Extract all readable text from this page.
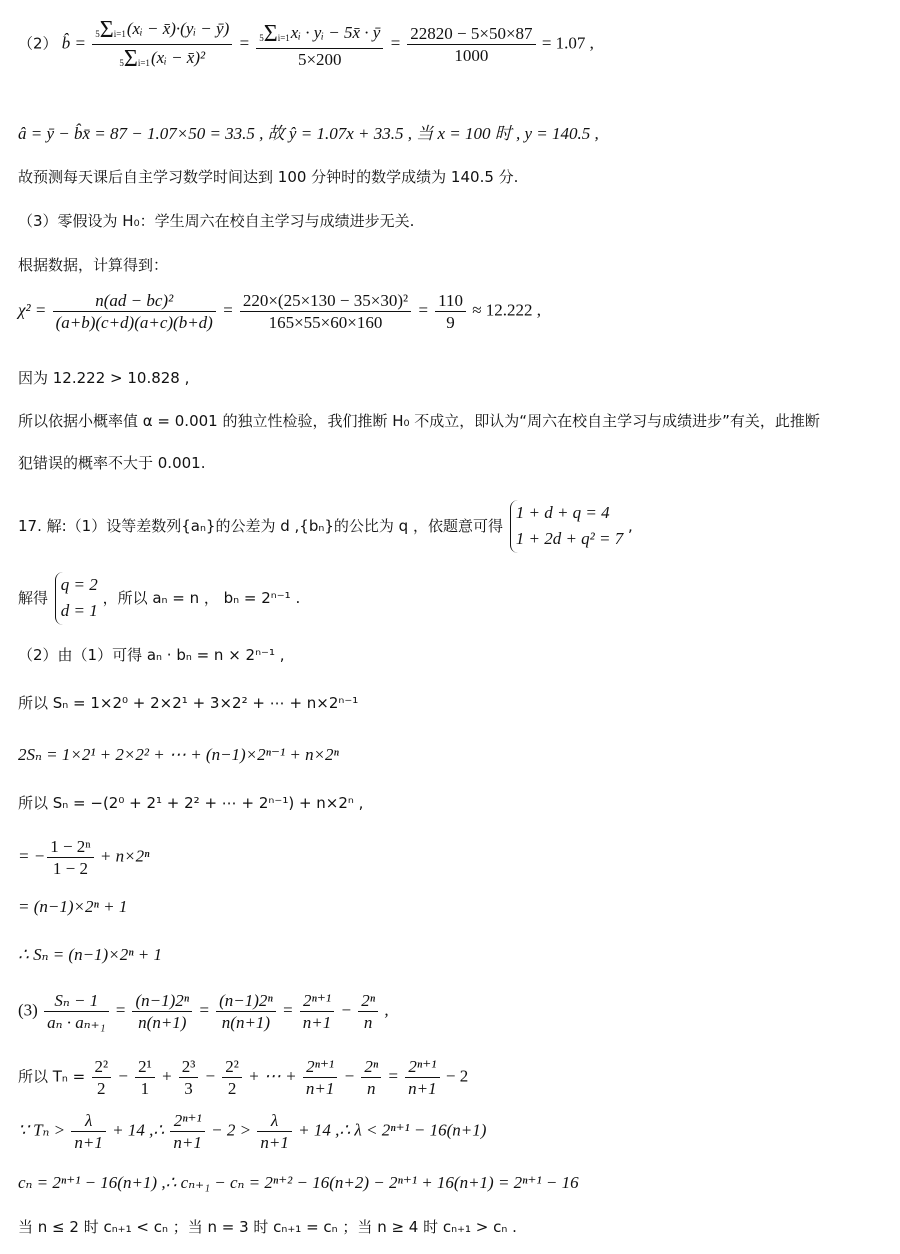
（2） b̂ = $\frac{\text{5Σi=1(xᵢ − x̄)·(yᵢ − ȳ)}}{\text{5Σi=1(xᵢ − x̄)²}} = \frac{\text{5Σi=1xᵢ · yᵢ − 5x̄ · ȳ}}{5\times 200} = \frac{22820 - 5\times 50\times 87}{1000} = 1.07$ ,
â = ȳ − b̂x̄ = 87 − 1.07×50 = 33.5 , 故 ŷ = 1.07x + 33.5 , 当 x = 100 时 , y = 140.5 ,
故预测每天课后自主学习数学时间达到 100 分钟时的数学成绩为 140.5 分.
（3）零假设为 H₀：学生周六在校自主学习与成绩进步无关.
根据数据，计算得到：
$\chi^2 = \frac{\text{n(ad − bc)²}}{(a+b)(c+d)(a+c)(b+d)} = \frac{\text{220×(25×130 − 35×30)²}}{165\times 55\times 60\times 160} = \frac{110}{9} \approx 12.222$ ,
因为 12.222 > 10.828 ,
所以依据小概率值 α = 0.001 的独立性检验，我们推断 H₀ 不成立，即认为“周六在校自主学习与成绩进步”有关，此推断
犯错误的概率不大于 0.001.
17. 解:（1）设等差数列{aₙ}的公差为 d ,{bₙ}的公比为 q ，依题意可得
1 + d + q = 4
1 + 2d + q² = 7
,
解得
q = 2
d = 1
，所以 aₙ = n ， bₙ = 2ⁿ⁻¹ .
（2）由（1）可得 aₙ · bₙ = n × 2ⁿ⁻¹ ,
所以 Sₙ = 1×2⁰ + 2×2¹ + 3×2² + ⋯ + n×2ⁿ⁻¹
2Sₙ = 1×2¹ + 2×2² + ⋯ + (n−1)×2ⁿ⁻¹ + n×2ⁿ
所以 Sₙ = −(2⁰ + 2¹ + 2² + ⋯ + 2ⁿ⁻¹) + n×2ⁿ ,
= − $\frac{\text{1 − 2ⁿ}}{1 - 2} + n\times 2^n$
= (n−1)×2ⁿ + 1
∴ Sₙ = (n−1)×2ⁿ + 1
$(3) \frac{\text{Sₙ − 1}}{\text{aₙ · aₙ₊₁}} = \frac{\text{(n−1)2ⁿ}}{n(n+1)} = \frac{\text{(n−1)2ⁿ}}{n(n+1)} = \frac{\text{2ⁿ⁺¹}}{n+1} - \frac{\text{2ⁿ}}{n}$ ,
所以 $T_n = \frac{\text{2²}}{2} - \frac{\text{2¹}}{1} + \frac{\text{2³}}{3} - \frac{\text{2²}}{2}$ + ⋯ + $\frac{\text{2ⁿ⁺¹}}{n+1} - \frac{\text{2ⁿ}}{n} = \frac{\text{2ⁿ⁺¹}}{n+1} - 2$
∵ $T_n > \frac{\lambda}{n+1} + 14$ ,∴ $\frac{\text{2ⁿ⁺¹}}{n+1} - 2 > \frac{\lambda}{n+1} + 14$ ,∴ λ < 2ⁿ⁺¹ − 16(n+1)
cₙ = 2ⁿ⁺¹ − 16(n+1) ,∴ cₙ₊₁ − cₙ = 2ⁿ⁺² − 16(n+2) − 2ⁿ⁺¹ + 16(n+1) = 2ⁿ⁺¹ − 16
当 n ≤ 2 时 cₙ₊₁ < cₙ ；当 n = 3 时 cₙ₊₁ = cₙ ；当 n ≥ 4 时 cₙ₊₁ > cₙ .
